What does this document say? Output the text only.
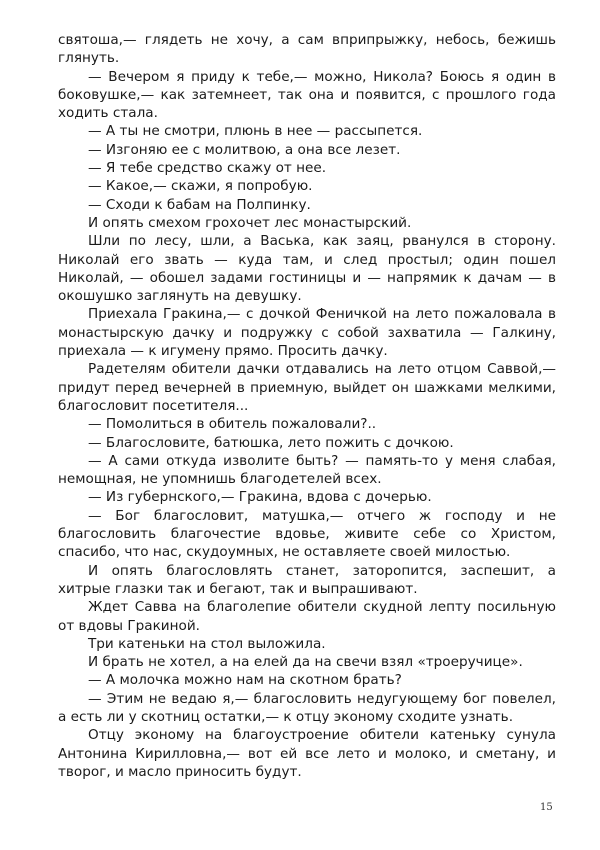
святоша,— глядеть не хочу, а сам вприпрыжку, небось, бежишь глянуть.

— Вечером я приду к тебе,— можно, Никола? Боюсь я один в боковушке,— как затемнеет, так она и появится, с прошлого года ходить стала.

— А ты не смотри, плюнь в нее — рассыпется.

— Изгоняю ее с молитвою, а она все лезет.

— Я тебе средство скажу от нее.

— Какое,— скажи, я попробую.

— Сходи к бабам на Полпинку.

И опять смехом грохочет лес монастырский.

Шли по лесу, шли, а Васька, как заяц, рванулся в сторону. Николай его звать — куда там, и след простыл; один пошел Николай, — обошел задами гостиницы и — напрямик к дачам — в окошушко заглянуть на девушку.

Приехала Гракина,— с дочкой Феничкой на лето пожаловала в монастырскую дачку и подружку с собой захватила — Галкину, приехала — к игумену прямо. Просить дачку.

Радетелям обители дачки отдавались на лето отцом Саввой,— придут перед вечерней в приемную, выйдет он шажками мелкими, благословит посетителя...

— Помолиться в обитель пожаловали?..

— Благословите, батюшка, лето пожить с дочкою.

— А сами откуда изволите быть? — память-то у меня слабая, немощная, не упомнишь благодетелей всех.

— Из губернского,— Гракина, вдова с дочерью.

— Бог благословит, матушка,— отчего ж господу и не благословить благочестие вдовье, живите себе со Христом, спасибо, что нас, скудоумных, не оставляете своей милостью.

И опять благословлять станет, заторопится, заспешит, а хитрые глазки так и бегают, так и выпрашивают.

Ждет Савва на благолепие обители скудной лепту посильную от вдовы Гракиной.

Три катеньки на стол выложила.

И брать не хотел, а на елей да на свечи взял «троеручице».

— А молочка можно нам на скотном брать?

— Этим не ведаю я,— благословить недугующему бог повелел, а есть ли у скотниц остатки,— к отцу эконому сходите узнать.

Отцу эконому на благоустроение обители катеньку сунула Антонина Кирилловна,— вот ей все лето и молоко, и сметану, и творог, и масло приносить будут.

15
